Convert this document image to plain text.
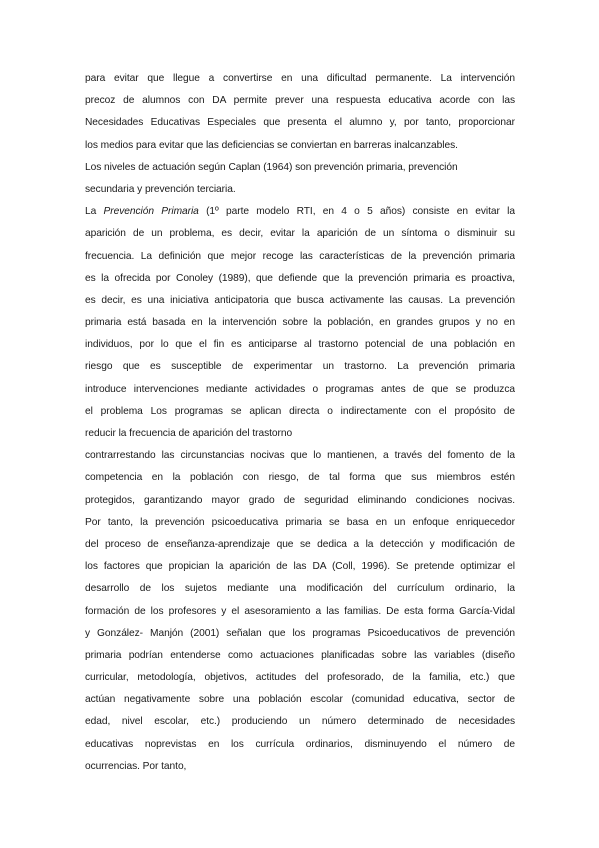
para evitar que llegue a convertirse en una dificultad permanente. La intervención
precoz de alumnos con DA permite prever una respuesta educativa acorde con las
Necesidades Educativas Especiales que presenta el alumno y, por tanto, proporcionar
los medios para evitar que las deficiencias se conviertan en barreras inalcanzables.
Los niveles de actuación según Caplan (1964) son prevención primaria, prevención
secundaria y prevención terciaria.
La Prevención Primaria (1º parte modelo RTI, en 4 o 5 años) consiste en evitar la
aparición de un problema, es decir, evitar la aparición de un síntoma o disminuir su
frecuencia. La definición que mejor recoge las características de la prevención primaria
es la ofrecida por Conoley (1989), que defiende que la prevención primaria es proactiva,
es decir, es una iniciativa anticipatoria que busca activamente las causas. La prevención
primaria está basada en la intervención sobre la población, en grandes grupos y no en
individuos, por lo que el fin es anticiparse al trastorno potencial de una población en
riesgo que es susceptible de experimentar un trastorno. La prevención primaria
introduce intervenciones mediante actividades o programas antes de que se produzca
el problema Los programas se aplican directa o indirectamente con el propósito de
reducir la frecuencia de aparición del trastorno
contrarrestando las circunstancias nocivas que lo mantienen, a través del fomento de la
competencia en la población con riesgo, de tal forma que sus miembros estén
protegidos, garantizando mayor grado de seguridad eliminando condiciones nocivas.
Por tanto, la prevención psicoeducativa primaria se basa en un enfoque enriquecedor
del proceso de enseñanza-aprendizaje que se dedica a la detección y modificación de
los factores que propician la aparición de las DA (Coll, 1996). Se pretende optimizar el
desarrollo de los sujetos mediante una modificación del currículum ordinario, la
formación de los profesores y el asesoramiento a las familias. De esta forma García-Vidal
y González- Manjón (2001) señalan que los programas Psicoeducativos de prevención
primaria podrían entenderse como actuaciones planificadas sobre las variables (diseño
curricular, metodología, objetivos, actitudes del profesorado, de la familia, etc.) que
actúan negativamente sobre una población escolar (comunidad educativa, sector de
edad, nivel escolar, etc.) produciendo un número determinado de necesidades
educativas noprevistas en los currícula ordinarios, disminuyendo el número de
ocurrencias. Por tanto,
